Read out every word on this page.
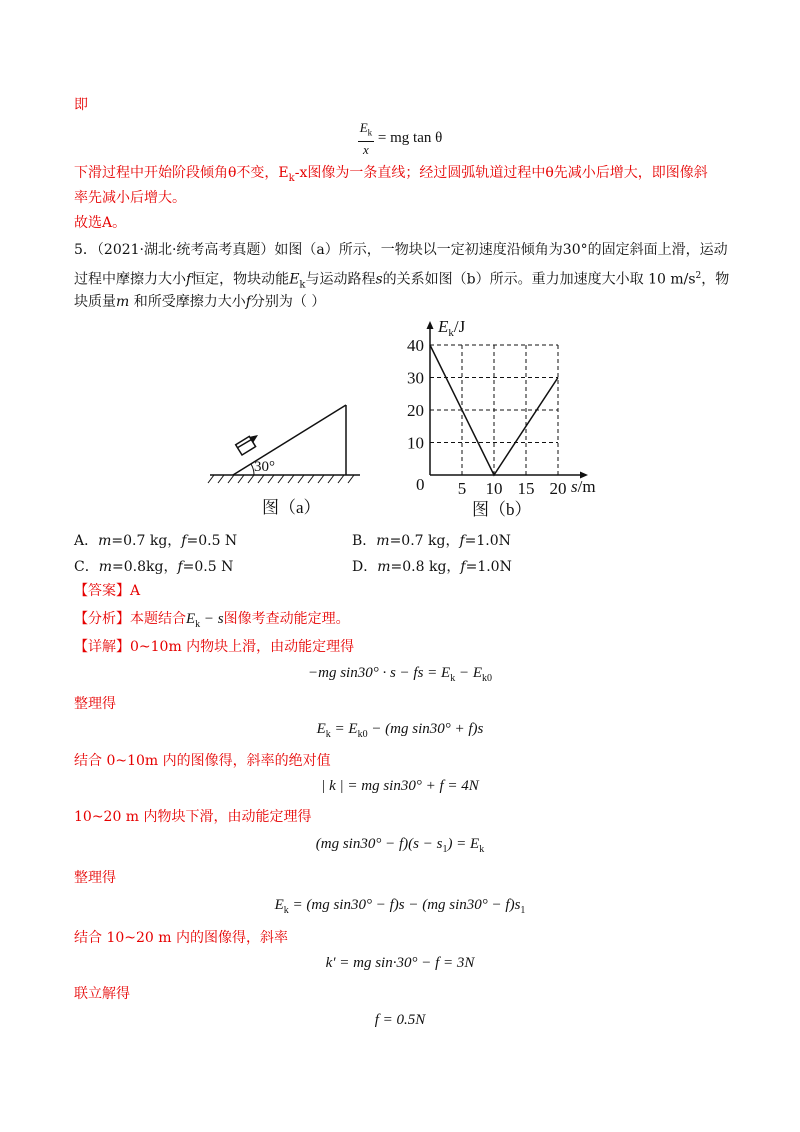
即
$\frac{E_k}{x}$ = mg tan θ
下滑过程中开始阶段倾角θ不变，$E_k-x$图像为一条直线；经过圆弧轨道过程中θ先减小后增大，即图像斜
率先减小后增大。
故选A。
5．（2021·湖北·统考高考真题）如图（a）所示，一物块以一定初速度沿倾角为30°的固定斜面上滑，运动
过程中摩擦力大小f恒定，物块动能$E_k$与运动路程s的关系如图（b）所示。重力加速度大小取 10 $m/s^2$，物
块质量m 和所受摩擦力大小f分别为（ ）
30°
图（a）
10
20
30
40
5 10 15 20
0
$E_k/J$
s/m
图（b）
A．m=0.7 kg，f=0.5 N	B．m=0.7 kg，f=1.0N
C．m=0.8kg，f=0.5 N	D．m=0.8 kg，f=1.0N
【答案】A
【分析】本题结合$E_k - s$图像考查动能定理。
【详解】0~10m 内物块上滑，由动能定理得
−mg sin30° · s − fs = $E_k - E_{k0}$
整理得
$E_k = E_{k0} - (mg$ sin30° + f)s
结合 0~10m 内的图像得，斜率的绝对值
| k | = mg sin30° + f = 4N
10~20 m 内物块下滑，由动能定理得
(mg $\sin 30^\circ - f)(s - s_1) = E_k$
整理得
$E_k = (mg$ sin30° − f)s − (mg $\sin 30^\circ - f)s_1$
结合 10~20 m 内的图像得，斜率
k′ = mg sin·30° − f = 3N
联立解得
f = 0.5N
